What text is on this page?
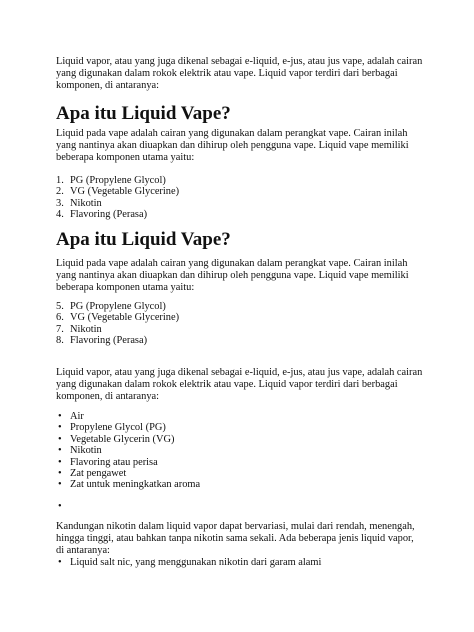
Liquid vapor, atau yang juga dikenal sebagai e-liquid, e-jus, atau jus vape, adalah cairan yang digunakan dalam rokok elektrik atau vape. Liquid vapor terdiri dari berbagai komponen, di antaranya:

Apa itu Liquid Vape?

Liquid pada vape adalah cairan yang digunakan dalam perangkat vape. Cairan inilah yang nantinya akan diuapkan dan dihirup oleh pengguna vape. Liquid vape memiliki beberapa komponen utama yaitu:

1. PG (Propylene Glycol)
2. VG (Vegetable Glycerine)
3. Nikotin
4. Flavoring (Perasa)
Apa itu Liquid Vape?

Liquid pada vape adalah cairan yang digunakan dalam perangkat vape. Cairan inilah yang nantinya akan diuapkan dan dihirup oleh pengguna vape. Liquid vape memiliki beberapa komponen utama yaitu:

5. PG (Propylene Glycol)
6. VG (Vegetable Glycerine)
7. Nikotin
8. Flavoring (Perasa)

Liquid vapor, atau yang juga dikenal sebagai e-liquid, e-jus, atau jus vape, adalah cairan yang digunakan dalam rokok elektrik atau vape. Liquid vapor terdiri dari berbagai komponen, di antaranya:

• Air
• Propylene Glycol (PG)
• Vegetable Glycerin (VG)
• Nikotin
• Flavoring atau perisa
• Zat pengawet
• Zat untuk meningkatkan aroma
•

Kandungan nikotin dalam liquid vapor dapat bervariasi, mulai dari rendah, menengah, hingga tinggi, atau bahkan tanpa nikotin sama sekali. Ada beberapa jenis liquid vapor, di antaranya:

• Liquid salt nic, yang menggunakan nikotin dari garam alami
